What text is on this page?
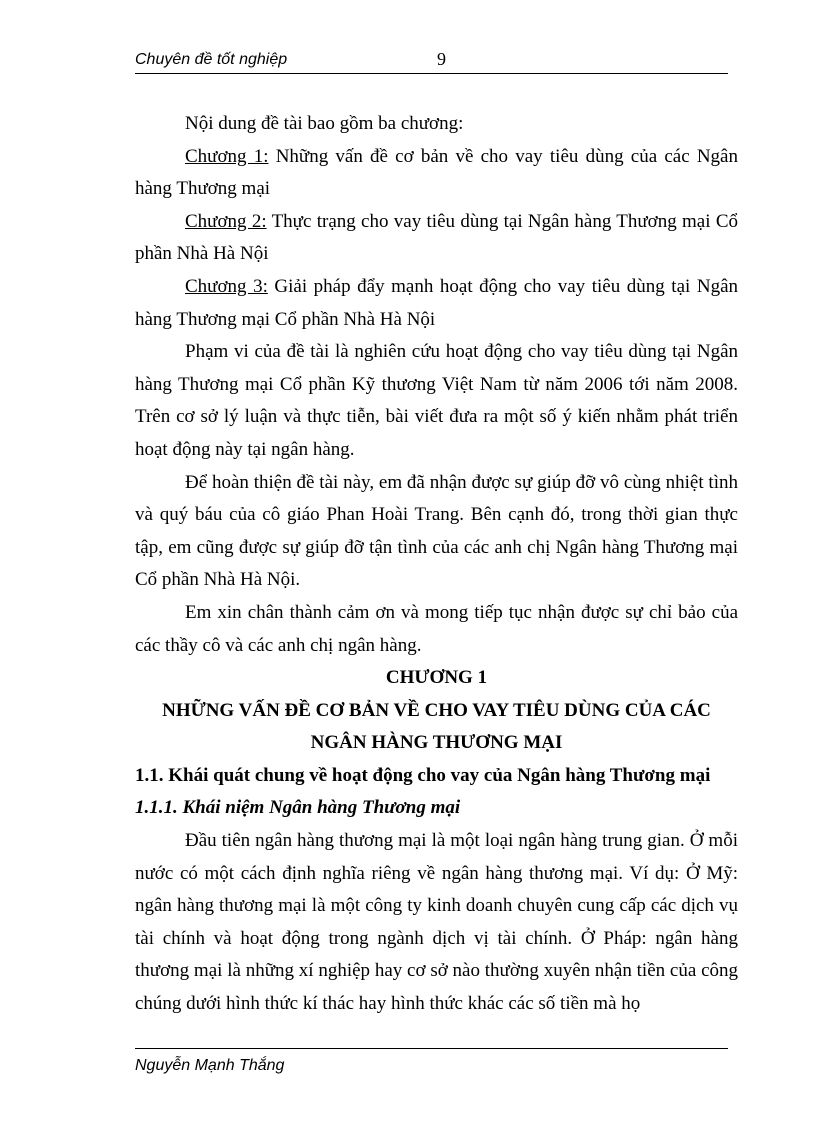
Chuyên đề tốt nghiệp	9

Nội dung đề tài bao gồm ba chương:

Chương 1: Những vấn đề cơ bản về cho vay tiêu dùng của các Ngân hàng Thương mại

Chương 2: Thực trạng cho vay tiêu dùng tại Ngân hàng Thương mại Cổ phần Nhà Hà Nội

Chương 3: Giải pháp đẩy mạnh hoạt động cho vay tiêu dùng tại Ngân hàng Thương mại Cổ phần Nhà Hà Nội

Phạm vi của đề tài là nghiên cứu hoạt động cho vay tiêu dùng tại Ngân hàng Thương mại Cổ phần Kỹ thương Việt Nam từ năm 2006 tới năm 2008. Trên cơ sở lý luận và thực tiễn, bài viết đưa ra một số ý kiến nhằm phát triển hoạt động này tại ngân hàng.

Để hoàn thiện đề tài này, em đã nhận được sự giúp đỡ vô cùng nhiệt tình và quý báu của cô giáo Phan Hoài Trang. Bên cạnh đó, trong thời gian thực tập, em cũng được sự giúp đỡ tận tình của các anh chị Ngân hàng Thương mại Cổ phần Nhà Hà Nội.

Em xin chân thành cảm ơn và mong tiếp tục nhận được sự chỉ bảo của các thầy cô và các anh chị ngân hàng.

CHƯƠNG 1

NHỮNG VẤN ĐỀ CƠ BẢN VỀ CHO VAY TIÊU DÙNG CỦA CÁC

NGÂN HÀNG THƯƠNG MẠI

1.1. Khái quát chung về hoạt động cho vay của Ngân hàng Thương mại

1.1.1. Khái niệm Ngân hàng Thương mại

Đầu tiên ngân hàng thương mại là một loại ngân hàng trung gian. Ở mỗi nước có một cách định nghĩa riêng về ngân hàng thương mại. Ví dụ: Ở Mỹ: ngân hàng thương mại là một công ty kinh doanh chuyên cung cấp các dịch vụ tài chính và hoạt động trong ngành dịch vị tài chính. Ở Pháp: ngân hàng thương mại là những xí nghiệp hay cơ sở nào thường xuyên nhận tiền của công chúng dưới hình thức kí thác hay hình thức khác các số tiền mà họ

Nguyễn Mạnh Thắng
